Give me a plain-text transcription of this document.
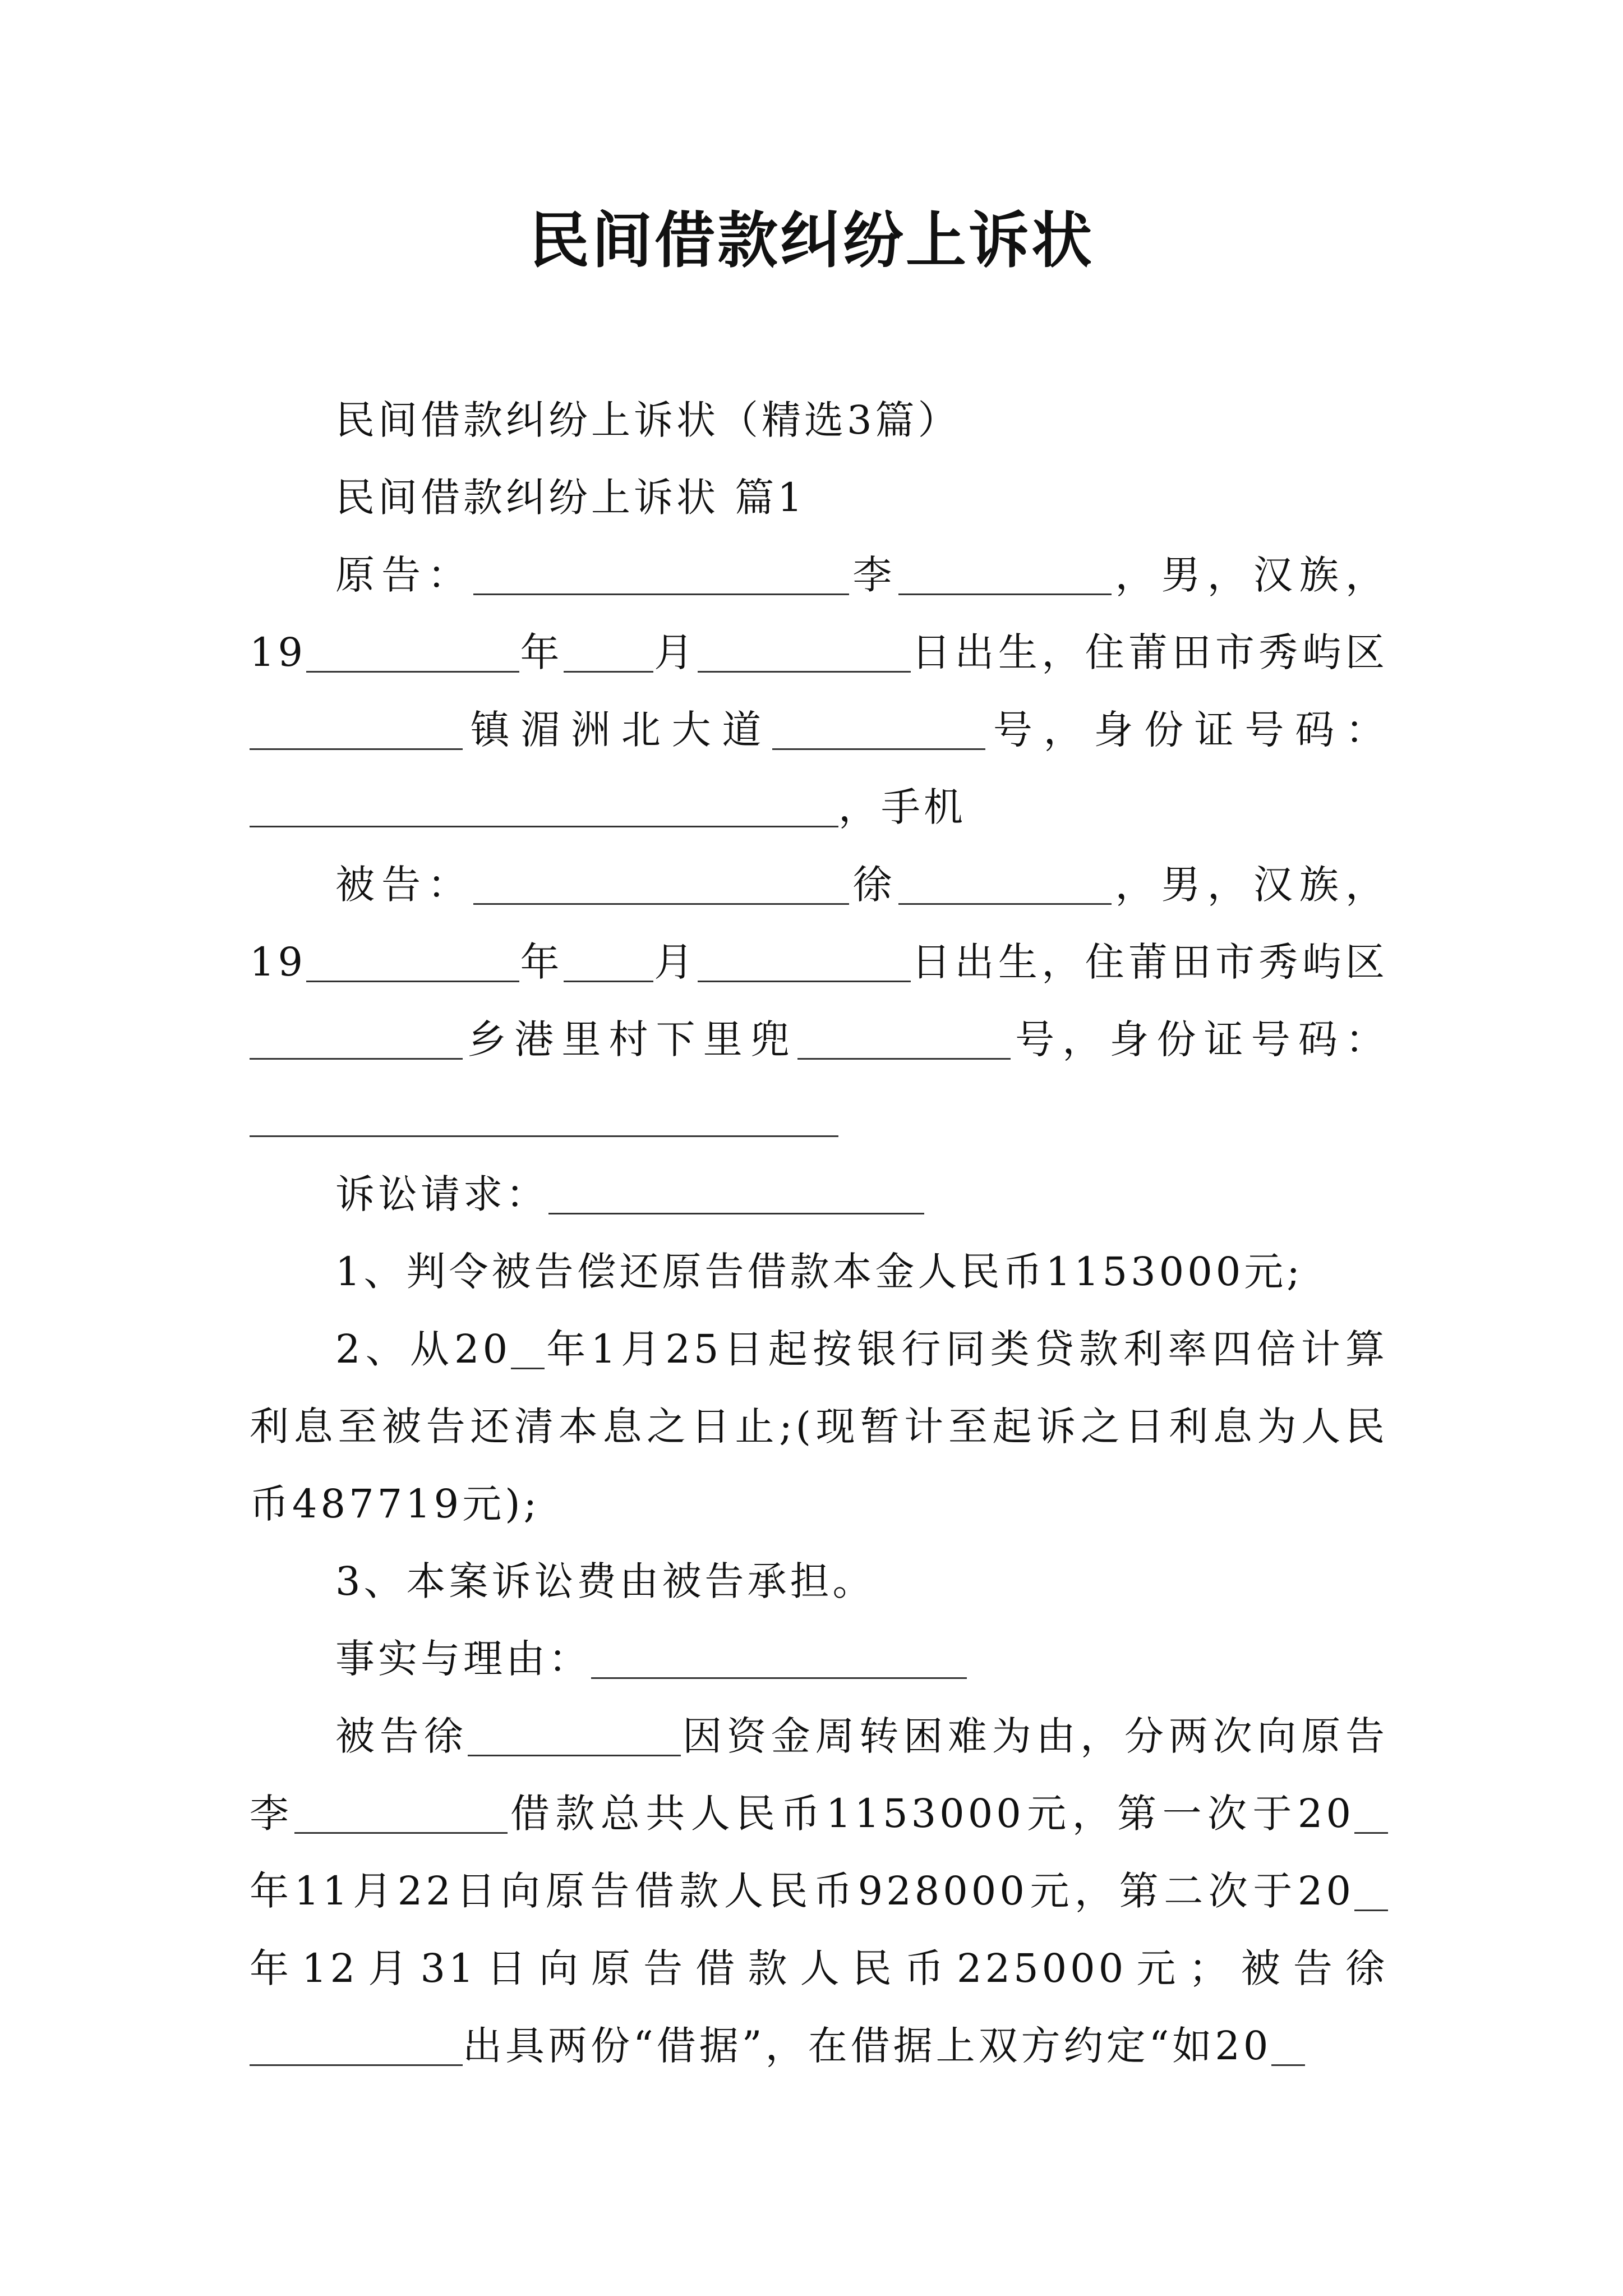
民间借款纠纷上诉状

民间借款纠纷上诉状（精选3篇）

民间借款纠纷上诉状 篇1

原告：	李	，男，汉族，19	年 月	日出生，住莆田市秀屿区镇湄洲北大道	号，身份证号码：，手机

被告：	徐	，男，汉族，19	年 月	日出生，住莆田市秀屿区乡港里村下里兜	号，身份证号码：

诉讼请求：

1、判令被告偿还原告借款本金人民币1153000元;

2、从20 年1月25日起按银行同类贷款利率四倍计算利息至被告还清本息之日止;(现暂计至起诉之日利息为人民币487719元);

3、本案诉讼费由被告承担。

事实与理由：

被告徐	因资金周转困难为由，分两次向原告李	借款总共人民币1153000元，第一次于20年11月22日向原告借款人民币928000元，第二次于20年12月31日向原告借款人民币225000元；被告徐出具两份“借据”，在借据上双方约定“如20
